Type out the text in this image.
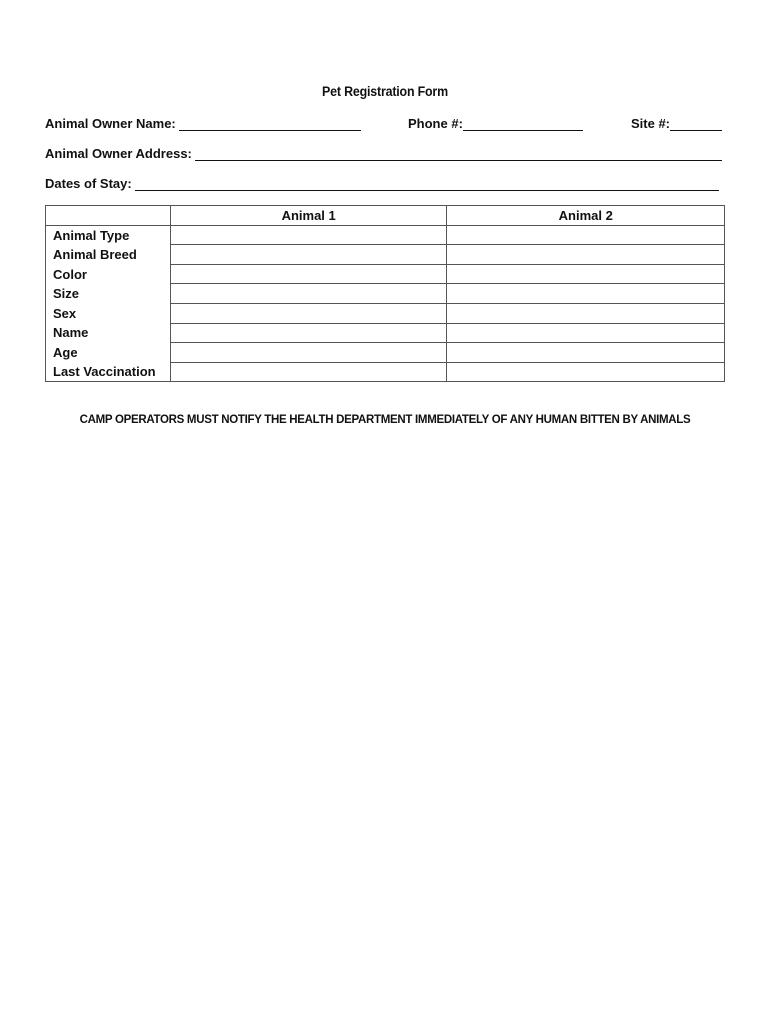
Pet Registration Form
Animal Owner Name:	Phone #:	Site #:
Animal Owner Address:
Dates of Stay:
	Animal 1	Animal 2
Animal Type		
Animal Breed		
Color		
Size		
Sex		
Name		
Age		
Last Vaccination		
CAMP OPERATORS MUST NOTIFY THE HEALTH DEPARTMENT IMMEDIATELY OF ANY HUMAN BITTEN BY ANIMALS
